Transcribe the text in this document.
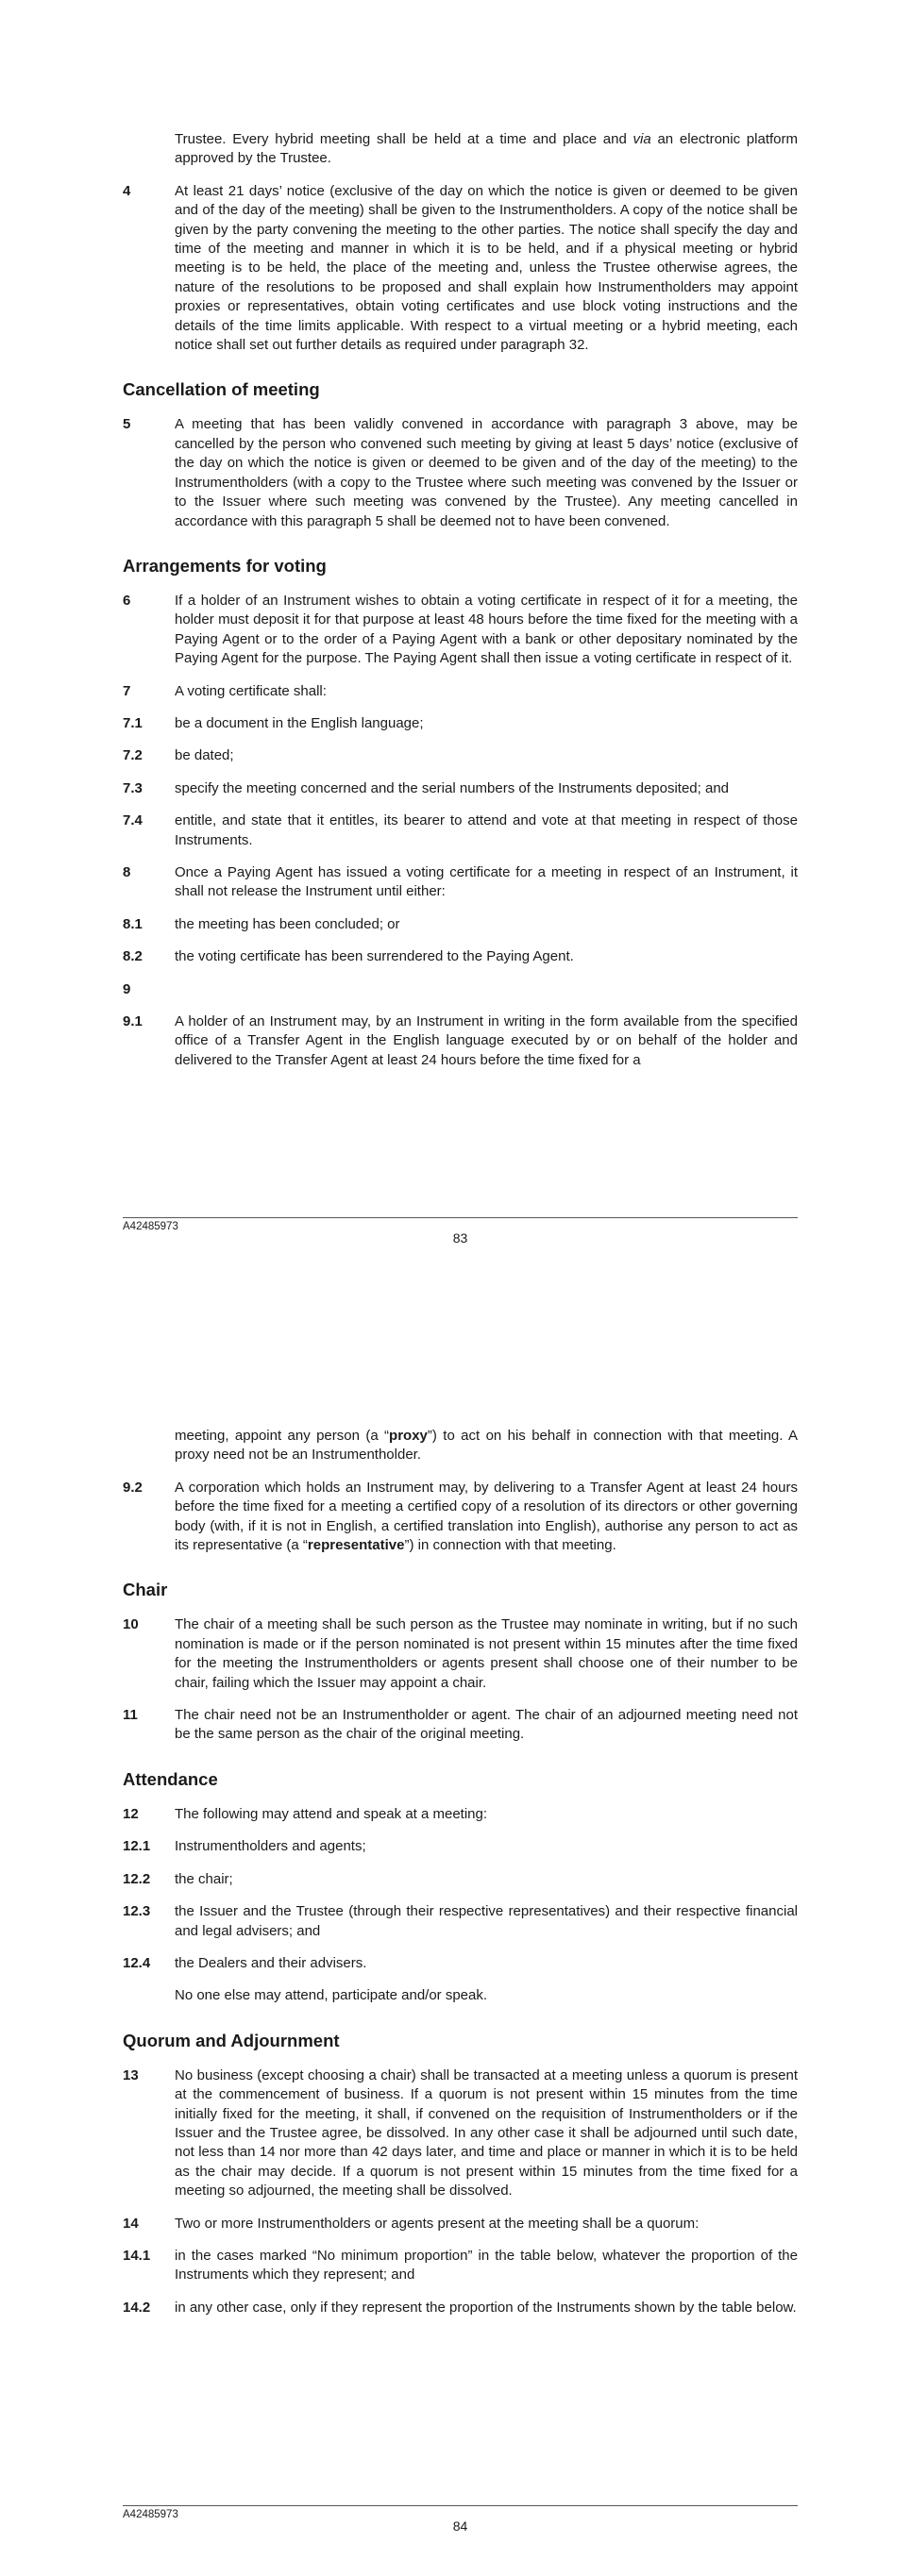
Trustee. Every hybrid meeting shall be held at a time and place and via an electronic platform approved by the Trustee.
4	At least 21 days’ notice (exclusive of the day on which the notice is given or deemed to be given and of the day of the meeting) shall be given to the Instrumentholders. A copy of the notice shall be given by the party convening the meeting to the other parties. The notice shall specify the day and time of the meeting and manner in which it is to be held, and if a physical meeting or hybrid meeting is to be held, the place of the meeting and, unless the Trustee otherwise agrees, the nature of the resolutions to be proposed and shall explain how Instrumentholders may appoint proxies or representatives, obtain voting certificates and use block voting instructions and the details of the time limits applicable. With respect to a virtual meeting or a hybrid meeting, each notice shall set out further details as required under paragraph 32.
Cancellation of meeting
5	A meeting that has been validly convened in accordance with paragraph 3 above, may be cancelled by the person who convened such meeting by giving at least 5 days’ notice (exclusive of the day on which the notice is given or deemed to be given and of the day of the meeting) to the Instrumentholders (with a copy to the Trustee where such meeting was convened by the Issuer or to the Issuer where such meeting was convened by the Trustee). Any meeting cancelled in accordance with this paragraph 5 shall be deemed not to have been convened.
Arrangements for voting
6	If a holder of an Instrument wishes to obtain a voting certificate in respect of it for a meeting, the holder must deposit it for that purpose at least 48 hours before the time fixed for the meeting with a Paying Agent or to the order of a Paying Agent with a bank or other depositary nominated by the Paying Agent for the purpose. The Paying Agent shall then issue a voting certificate in respect of it.
7	A voting certificate shall:
7.1	be a document in the English language;
7.2	be dated;
7.3	specify the meeting concerned and the serial numbers of the Instruments deposited; and
7.4	entitle, and state that it entitles, its bearer to attend and vote at that meeting in respect of those Instruments.
8	Once a Paying Agent has issued a voting certificate for a meeting in respect of an Instrument, it shall not release the Instrument until either:
8.1	the meeting has been concluded; or
8.2	the voting certificate has been surrendered to the Paying Agent.
9
9.1	A holder of an Instrument may, by an Instrument in writing in the form available from the specified office of a Transfer Agent in the English language executed by or on behalf of the holder and delivered to the Transfer Agent at least 24 hours before the time fixed for a
A42485973
83
meeting, appoint any person (a “proxy”) to act on his behalf in connection with that meeting. A proxy need not be an Instrumentholder.
9.2	A corporation which holds an Instrument may, by delivering to a Transfer Agent at least 24 hours before the time fixed for a meeting a certified copy of a resolution of its directors or other governing body (with, if it is not in English, a certified translation into English), authorise any person to act as its representative (a “representative”) in connection with that meeting.
Chair
10	The chair of a meeting shall be such person as the Trustee may nominate in writing, but if no such nomination is made or if the person nominated is not present within 15 minutes after the time fixed for the meeting the Instrumentholders or agents present shall choose one of their number to be chair, failing which the Issuer may appoint a chair.
11	The chair need not be an Instrumentholder or agent. The chair of an adjourned meeting need not be the same person as the chair of the original meeting.
Attendance
12	The following may attend and speak at a meeting:
12.1	Instrumentholders and agents;
12.2	the chair;
12.3	the Issuer and the Trustee (through their respective representatives) and their respective financial and legal advisers; and
12.4	the Dealers and their advisers.
No one else may attend, participate and/or speak.
Quorum and Adjournment
13	No business (except choosing a chair) shall be transacted at a meeting unless a quorum is present at the commencement of business. If a quorum is not present within 15 minutes from the time initially fixed for the meeting, it shall, if convened on the requisition of Instrumentholders or if the Issuer and the Trustee agree, be dissolved. In any other case it shall be adjourned until such date, not less than 14 nor more than 42 days later, and time and place or manner in which it is to be held as the chair may decide. If a quorum is not present within 15 minutes from the time fixed for a meeting so adjourned, the meeting shall be dissolved.
14	Two or more Instrumentholders or agents present at the meeting shall be a quorum:
14.1	in the cases marked “No minimum proportion” in the table below, whatever the proportion of the Instruments which they represent; and
14.2	in any other case, only if they represent the proportion of the Instruments shown by the table below.
A42485973
84
